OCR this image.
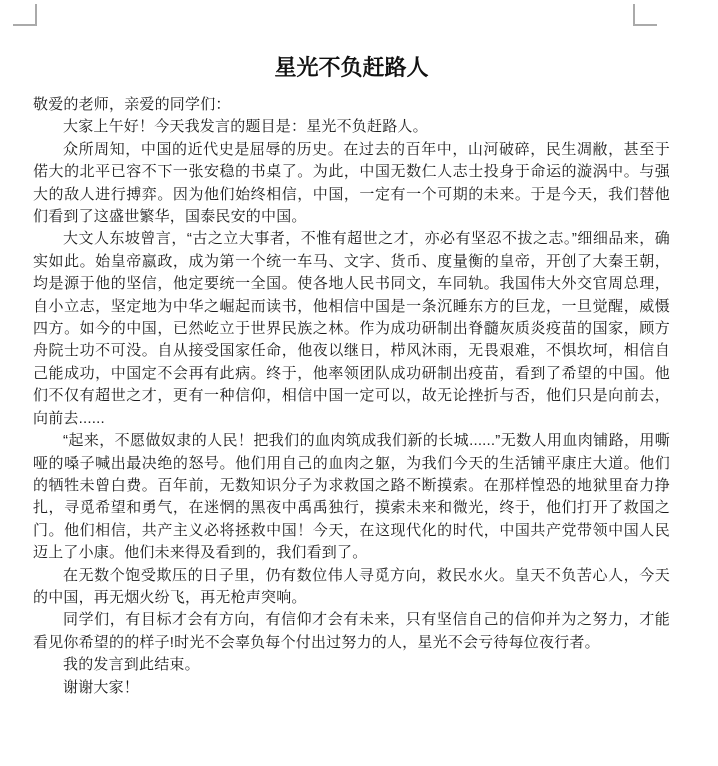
星光不负赶路人

敬爱的老师，亲爱的同学们：

大家上午好！今天我发言的题目是：星光不负赶路人。

众所周知，中国的近代史是屈辱的历史。在过去的百年中，山河破碎，民生凋敝，甚至于偌大的北平已容不下一张安稳的书桌了。为此，中国无数仁人志士投身于命运的漩涡中。与强大的敌人进行搏弈。因为他们始终相信，中国，一定有一个可期的未来。于是今天，我们替他们看到了这盛世繁华，国泰民安的中国。

大文人东坡曾言，“古之立大事者，不惟有超世之才，亦必有坚忍不拔之志。”细细品来，确实如此。始皇帝嬴政，成为第一个统一车马、文字、货币、度量衡的皇帝，开创了大秦王朝，均是源于他的坚信，他定要统一全国。使各地人民书同文，车同轨。我国伟大外交官周总理，自小立志，坚定地为中华之崛起而读书，他相信中国是一条沉睡东方的巨龙，一旦觉醒，威慑四方。如今的中国，已然屹立于世界民族之林。作为成功研制出脊髓灰质炎疫苗的国家，顾方舟院士功不可没。自从接受国家任命，他夜以继日，栉风沐雨，无畏艰难，不惧坎坷，相信自己能成功，中国定不会再有此病。终于，他率领团队成功研制出疫苗，看到了希望的中国。他们不仅有超世之才，更有一种信仰，相信中国一定可以，故无论挫折与否，他们只是向前去，向前去......

“起来，不愿做奴隶的人民！把我们的血肉筑成我们新的长城......”无数人用血肉铺路，用嘶哑的嗓子喊出最决绝的怒号。他们用自己的血肉之躯，为我们今天的生活铺平康庄大道。他们的牺牲未曾白费。百年前，无数知识分子为求救国之路不断摸索。在那样惶恐的地狱里奋力挣扎，寻觅希望和勇气，在迷惘的黑夜中禹禹独行，摸索未来和微光，终于，他们打开了救国之门。他们相信，共产主义必将拯救中国！今天，在这现代化的时代，中国共产党带领中国人民迈上了小康。他们未来得及看到的，我们看到了。

在无数个饱受欺压的日子里，仍有数位伟人寻觅方向，救民水火。皇天不负苦心人，今天的中国，再无烟火纷飞，再无枪声突响。

同学们，有目标才会有方向，有信仰才会有未来，只有坚信自己的信仰并为之努力，才能看见你希望的的样子!时光不会辜负每个付出过努力的人，星光不会亏待每位夜行者。

我的发言到此结束。

谢谢大家！
